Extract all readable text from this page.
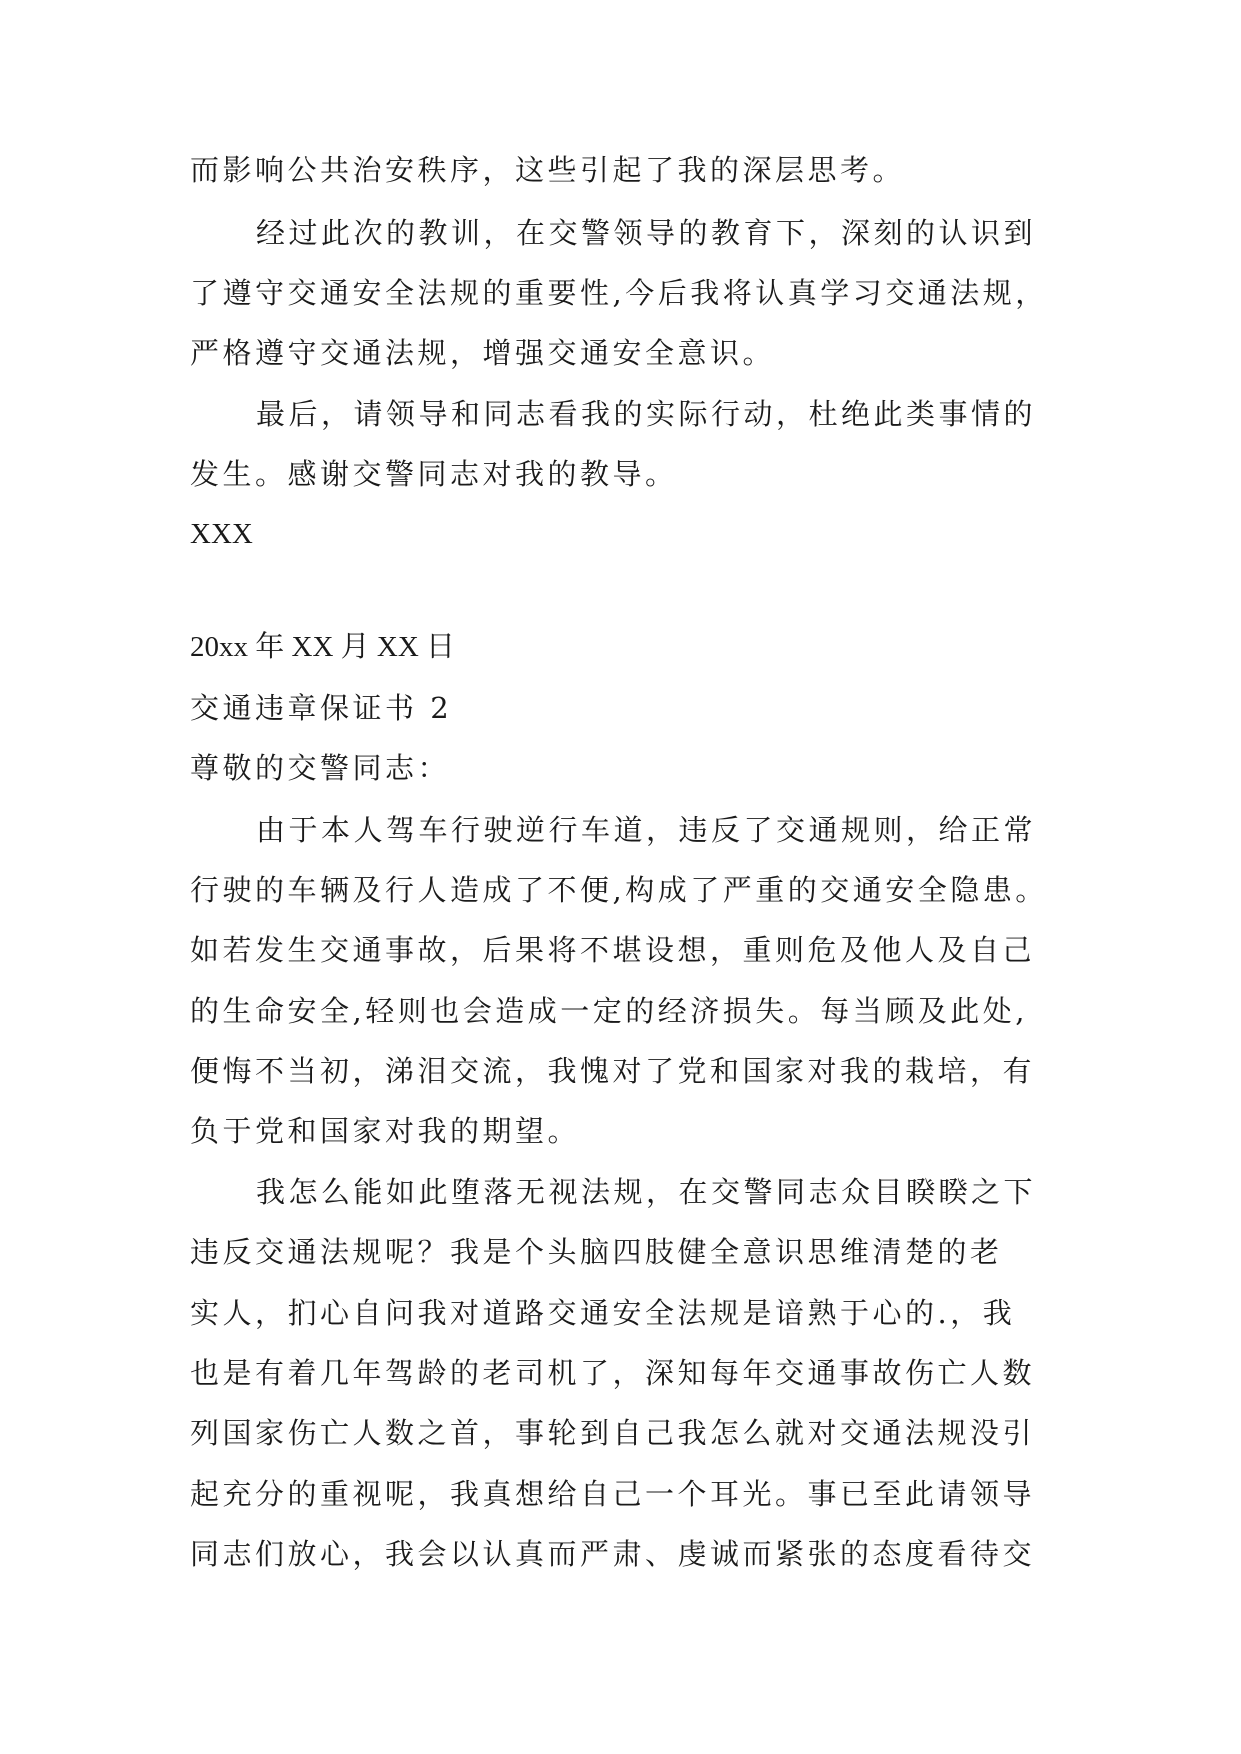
而影响公共治安秩序，这些引起了我的深层思考。
经过此次的教训，在交警领导的教育下，深刻的认识到
了遵守交通安全法规的重要性,今后我将认真学习交通法规，
严格遵守交通法规，增强交通安全意识。
最后，请领导和同志看我的实际行动，杜绝此类事情的
发生。感谢交警同志对我的教导。
XXX
20xx 年 XX 月 XX 日
交通违章保证书 2
尊敬的交警同志：
由于本人驾车行驶逆行车道，违反了交通规则，给正常
行驶的车辆及行人造成了不便,构成了严重的交通安全隐患。
如若发生交通事故，后果将不堪设想，重则危及他人及自己
的生命安全,轻则也会造成一定的经济损失。每当顾及此处,
便悔不当初，涕泪交流，我愧对了党和国家对我的栽培，有
负于党和国家对我的期望。
我怎么能如此堕落无视法规，在交警同志众目睽睽之下
违反交通法规呢？我是个头脑四肢健全意识思维清楚的老
实人，扪心自问我对道路交通安全法规是谙熟于心的.，我
也是有着几年驾龄的老司机了，深知每年交通事故伤亡人数
列国家伤亡人数之首，事轮到自己我怎么就对交通法规没引
起充分的重视呢，我真想给自己一个耳光。事已至此请领导
同志们放心，我会以认真而严肃、虔诚而紧张的态度看待交
